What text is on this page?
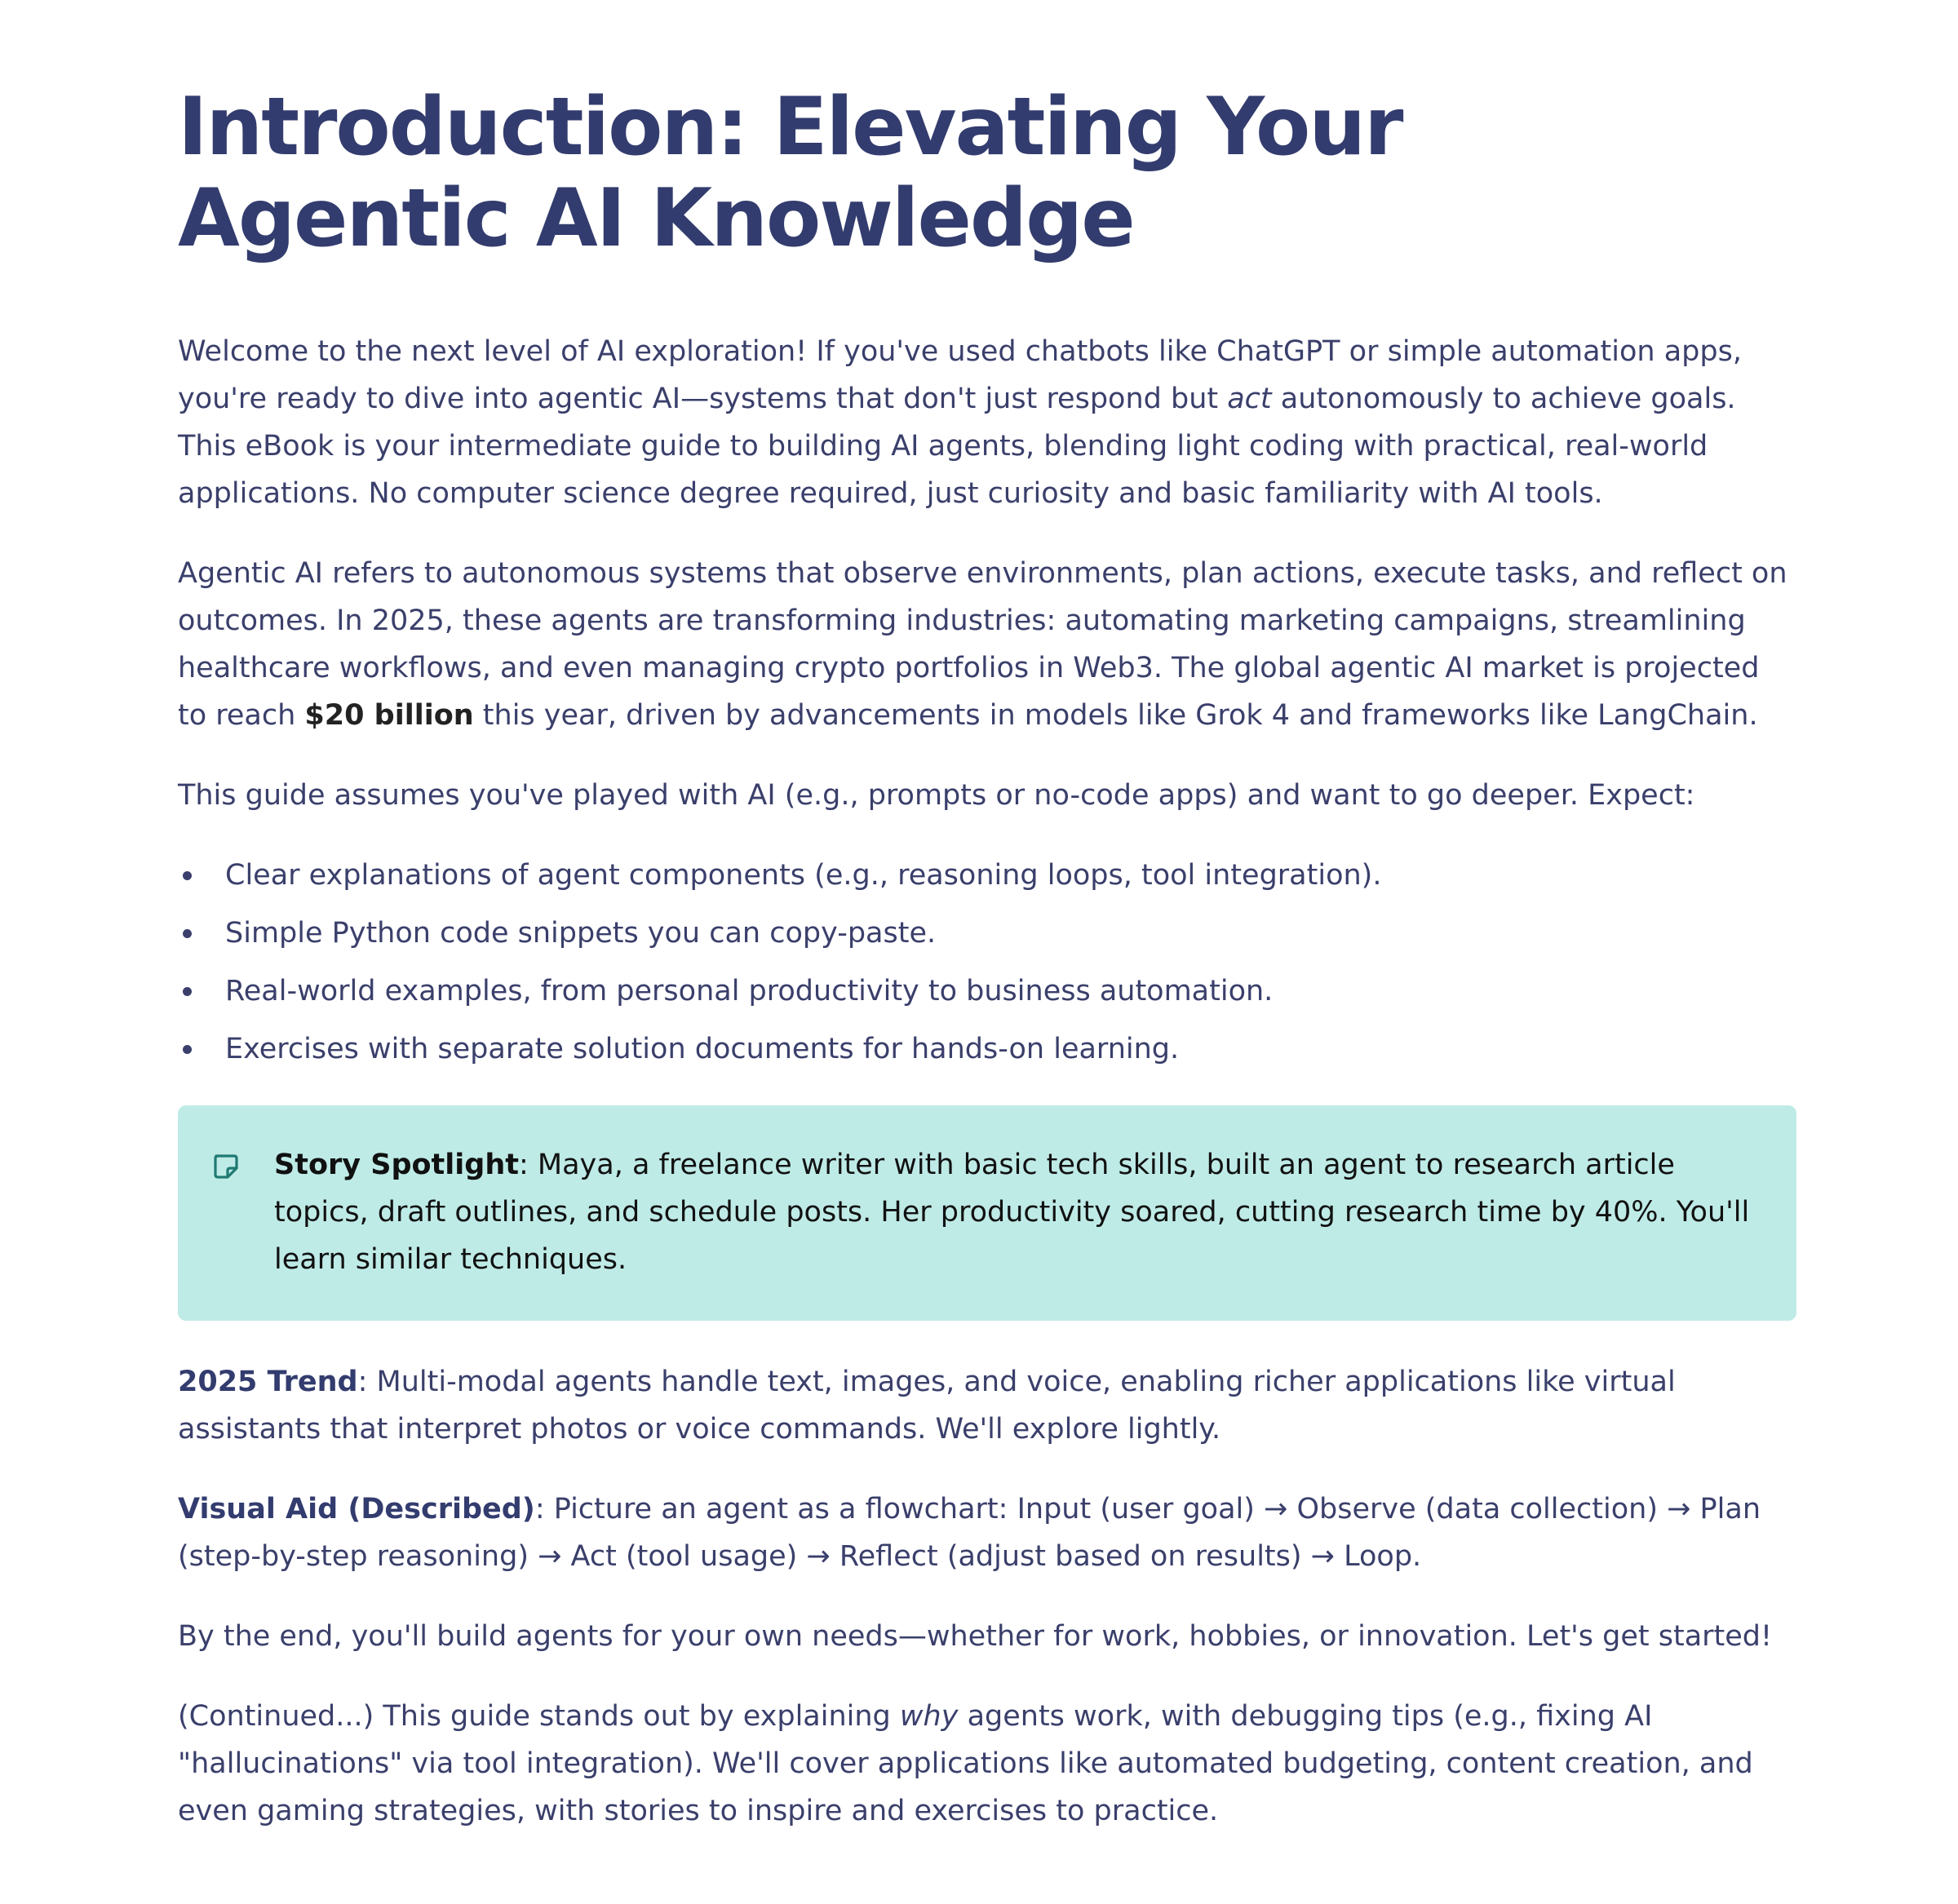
Introduction: Elevating Your Agentic AI Knowledge

Welcome to the next level of AI exploration! If you've used chatbots like ChatGPT or simple automation apps, you're ready to dive into agentic AI—systems that don't just respond but act autonomously to achieve goals. This eBook is your intermediate guide to building AI agents, blending light coding with practical, real-world applications. No computer science degree required, just curiosity and basic familiarity with AI tools.

Agentic AI refers to autonomous systems that observe environments, plan actions, execute tasks, and reflect on outcomes. In 2025, these agents are transforming industries: automating marketing campaigns, streamlining healthcare workflows, and even managing crypto portfolios in Web3. The global agentic AI market is projected to reach $20 billion this year, driven by advancements in models like Grok 4 and frameworks like LangChain.

This guide assumes you've played with AI (e.g., prompts or no-code apps) and want to go deeper. Expect:

Clear explanations of agent components (e.g., reasoning loops, tool integration).
Simple Python code snippets you can copy-paste.
Real-world examples, from personal productivity to business automation.
Exercises with separate solution documents for hands-on learning.

Story Spotlight: Maya, a freelance writer with basic tech skills, built an agent to research article topics, draft outlines, and schedule posts. Her productivity soared, cutting research time by 40%. You'll learn similar techniques.

2025 Trend: Multi-modal agents handle text, images, and voice, enabling richer applications like virtual assistants that interpret photos or voice commands. We'll explore lightly.

Visual Aid (Described): Picture an agent as a flowchart: Input (user goal) → Observe (data collection) → Plan (step-by-step reasoning) → Act (tool usage) → Reflect (adjust based on results) → Loop.

By the end, you'll build agents for your own needs—whether for work, hobbies, or innovation. Let's get started!

(Continued...) This guide stands out by explaining why agents work, with debugging tips (e.g., fixing AI "hallucinations" via tool integration). We'll cover applications like automated budgeting, content creation, and even gaming strategies, with stories to inspire and exercises to practice.
